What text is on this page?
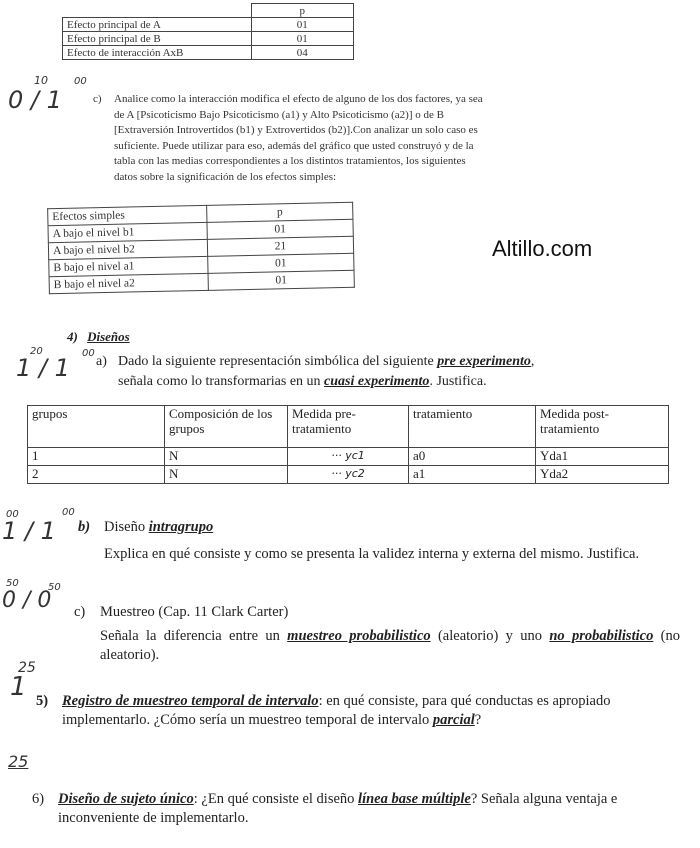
	p
Efecto principal de A	01
Efecto principal de B	01
Efecto de interacción AxB	04
10
0 / 1
00
c) Analice como la interacción modifica el efecto de alguno de los dos factores, ya sea
de A [Psicoticismo Bajo Psicoticismo (a1) y Alto Psicoticismo (a2)] o de B
[Extraversión Introvertidos (b1) y Extrovertidos (b2)].Con analizar un solo caso es
suficiente. Puede utilizar para eso, además del gráfico que usted construyó y de la
tabla con las medias correspondientes a los distintos tratamientos, los siguientes
datos sobre la significación de los efectos simples:
Efectos simples	p
A bajo el nivel b1	01
A bajo el nivel b2	21
B bajo el nivel a1	01
B bajo el nivel a2	01
Altillo.com
4) Diseños
20
1 / 1
00
a) Dado la siguiente representación simbólica del siguiente pre experimento,
señala como lo transformarias en un cuasi experimento. Justifica.
grupos	Composición de los grupos	Medida pre-tratamiento	tratamiento	Medida post-tratamiento
1	N	··· yc1	a0	Yda1
2	N	··· yc2	a1	Yda2
00
1 / 1
00
b) Diseño intragrupo
Explica en qué consiste y como se presenta la validez interna y externa del mismo. Justifica.
50
0 / 0
50
c) Muestreo (Cap. 11 Clark Carter)
Señala la diferencia entre un muestreo probabilistico (aleatorio) y uno no probabilistico (no aleatorio).
25
1 5) Registro de muestreo temporal de intervalo: en qué consiste, para qué conductas es apropiado implementarlo. ¿Cómo sería un muestreo temporal de intervalo parcial?
25
6) Diseño de sujeto único: ¿En qué consiste el diseño línea base múltiple? Señala alguna ventaja e inconveniente de implementarlo.
